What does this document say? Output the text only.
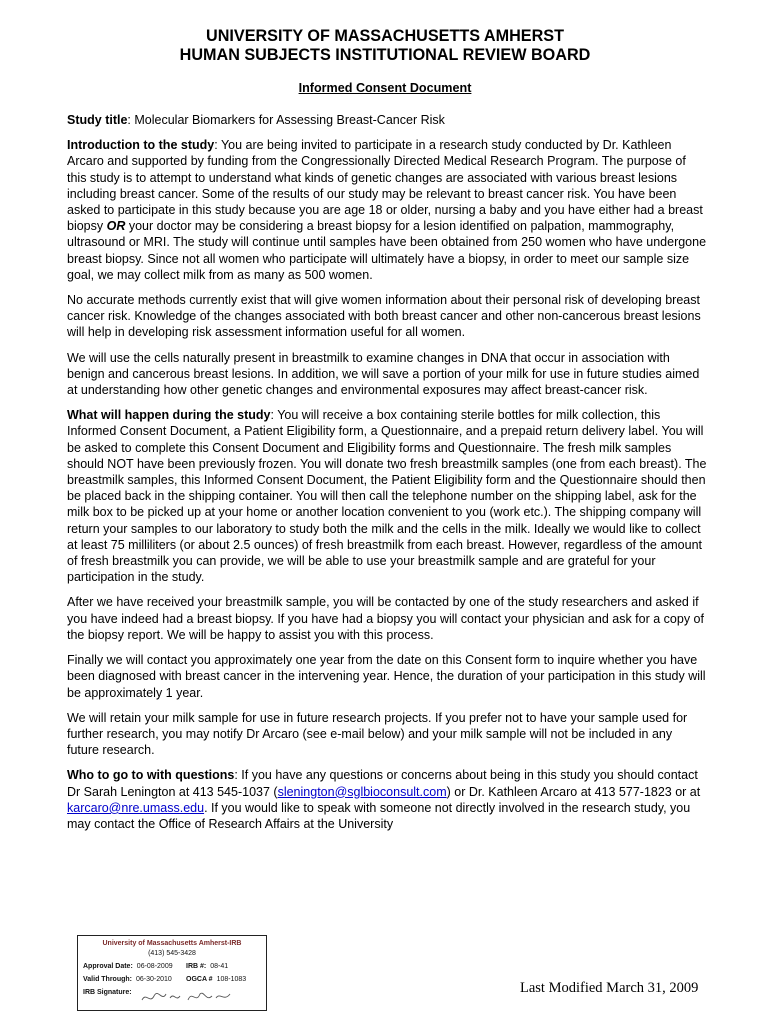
UNIVERSITY OF MASSACHUSETTS AMHERST
HUMAN SUBJECTS INSTITUTIONAL REVIEW BOARD
Informed Consent Document

Study title: Molecular Biomarkers for Assessing Breast-Cancer Risk

Introduction to the study: You are being invited to participate in a research study conducted by Dr. Kathleen Arcaro and supported by funding from the Congressionally Directed Medical Research Program. The purpose of this study is to attempt to understand what kinds of genetic changes are associated with various breast lesions including breast cancer. Some of the results of our study may be relevant to breast cancer risk. You have been asked to participate in this study because you are age 18 or older, nursing a baby and you have either had a breast biopsy OR your doctor may be considering a breast biopsy for a lesion identified on palpation, mammography, ultrasound or MRI. The study will continue until samples have been obtained from 250 women who have undergone breast biopsy. Since not all women who participate will ultimately have a biopsy, in order to meet our sample size goal, we may collect milk from as many as 500 women.

No accurate methods currently exist that will give women information about their personal risk of developing breast cancer risk. Knowledge of the changes associated with both breast cancer and other non-cancerous breast lesions will help in developing risk assessment information useful for all women.

We will use the cells naturally present in breastmilk to examine changes in DNA that occur in association with benign and cancerous breast lesions. In addition, we will save a portion of your milk for use in future studies aimed at understanding how other genetic changes and environmental exposures may affect breast-cancer risk.

What will happen during the study: You will receive a box containing sterile bottles for milk collection, this Informed Consent Document, a Patient Eligibility form, a Questionnaire, and a prepaid return delivery label. You will be asked to complete this Consent Document and Eligibility forms and Questionnaire. The fresh milk samples should NOT have been previously frozen. You will donate two fresh breastmilk samples (one from each breast). The breastmilk samples, this Informed Consent Document, the Patient Eligibility form and the Questionnaire should then be placed back in the shipping container. You will then call the telephone number on the shipping label, ask for the milk box to be picked up at your home or another location convenient to you (work etc.). The shipping company will return your samples to our laboratory to study both the milk and the cells in the milk. Ideally we would like to collect at least 75 milliliters (or about 2.5 ounces) of fresh breastmilk from each breast. However, regardless of the amount of fresh breastmilk you can provide, we will be able to use your breastmilk sample and are grateful for your participation in the study.

After we have received your breastmilk sample, you will be contacted by one of the study researchers and asked if you have indeed had a breast biopsy. If you have had a biopsy you will contact your physician and ask for a copy of the biopsy report. We will be happy to assist you with this process.

Finally we will contact you approximately one year from the date on this Consent form to inquire whether you have been diagnosed with breast cancer in the intervening year. Hence, the duration of your participation in this study will be approximately 1 year.

We will retain your milk sample for use in future research projects. If you prefer not to have your sample used for further research, you may notify Dr Arcaro (see e-mail below) and your milk sample will not be included in any future research.

Who to go to with questions: If you have any questions or concerns about being in this study you should contact Dr Sarah Lenington at 413 545-1037 (slenington@sglbioconsult.com) or Dr. Kathleen Arcaro at 413 577-1823 or at karcaro@nre.umass.edu. If you would like to speak with someone not directly involved in the research study, you may contact the Office of Research Affairs at the University

University of Massachusetts Amherst-IRB
(413) 545-3428
Approval Date: 06-08-2009 IRB #: 08-41
Valid Through: 06-30-2010 OGCA # 108-1083
IRB Signature:	Last Modified March 31, 2009
